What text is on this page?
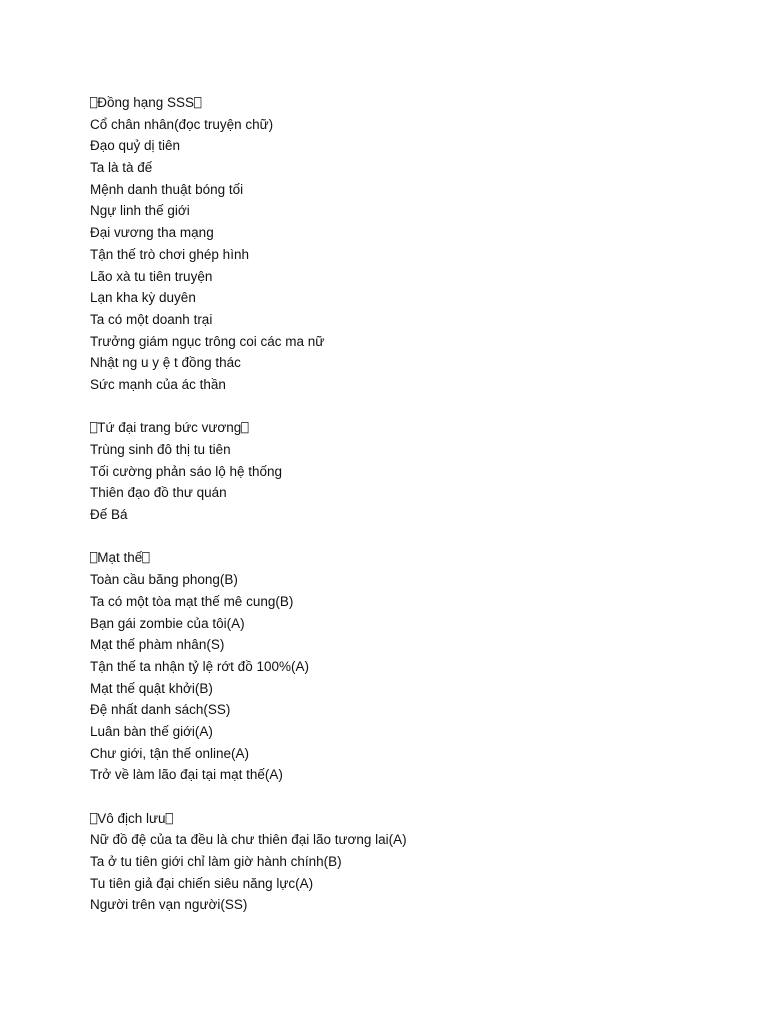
⎕Đồng hạng SSS⎕
Cổ chân nhân(đọc truyện chữ)
Đạo quỷ dị tiên
Ta là tà đế
Mệnh danh thuật bóng tối
Ngự linh thế giới
Đại vương tha mạng
Tận thế trò chơi ghép hình
Lão xà tu tiên truyện
Lạn kha kỳ duyên
Ta có một doanh trại
Trưởng giám ngục trông coi các ma nữ
Nhật ng u y ệ t đồng thác
Sức mạnh của ác thần
⎕Tứ đại trang bức vương⎕
Trùng sinh đô thị tu tiên
Tối cường phản sáo lộ hệ thống
Thiên đạo đồ thư quán
Đế Bá
⎕Mạt thế⎕
Toàn cầu băng phong(B)
Ta có một tòa mạt thế mê cung(B)
Bạn gái zombie của tôi(A)
Mạt thế phàm nhân(S)
Tận thế ta nhận tỷ lệ rớt đồ 100%(A)
Mạt thế quật khởi(B)
Đệ nhất danh sách(SS)
Luân bàn thế giới(A)
Chư giới, tận thế online(A)
Trở về làm lão đại tại mạt thế(A)
⎕Vô địch lưu⎕
Nữ đồ đệ của ta đều là chư thiên đại lão tương lai(A)
Ta ở tu tiên giới chỉ làm giờ hành chính(B)
Tu tiên giả đại chiến siêu năng lực(A)
Người trên vạn người(SS)
